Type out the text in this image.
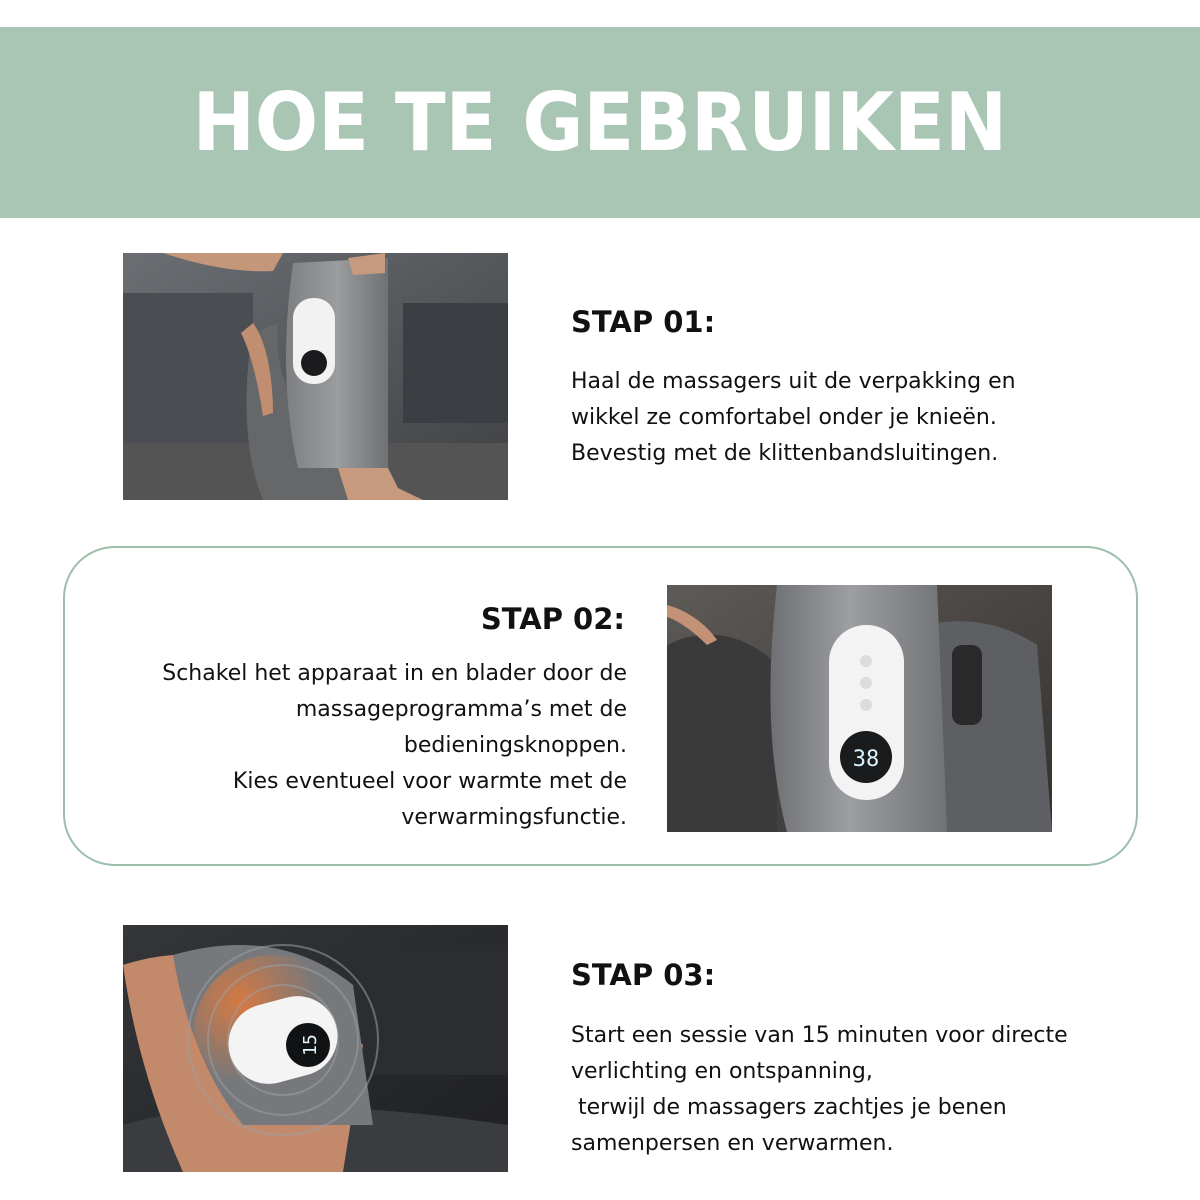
HOE TE GEBRUIKEN
STAP 01:
Haal de massagers uit de verpakking en
wikkel ze comfortabel onder je knieën.
Bevestig met de klittenbandsluitingen.
STAP 02:
Schakel het apparaat in en blader door de
massageprogramma’s met de
bedieningsknoppen.
Kies eventueel voor warmte met de
verwarmingsfunctie.
38
15
STAP 03:
Start een sessie van 15 minuten voor directe
verlichting en ontspanning,
terwijl de massagers zachtjes je benen
samenpersen en verwarmen.
